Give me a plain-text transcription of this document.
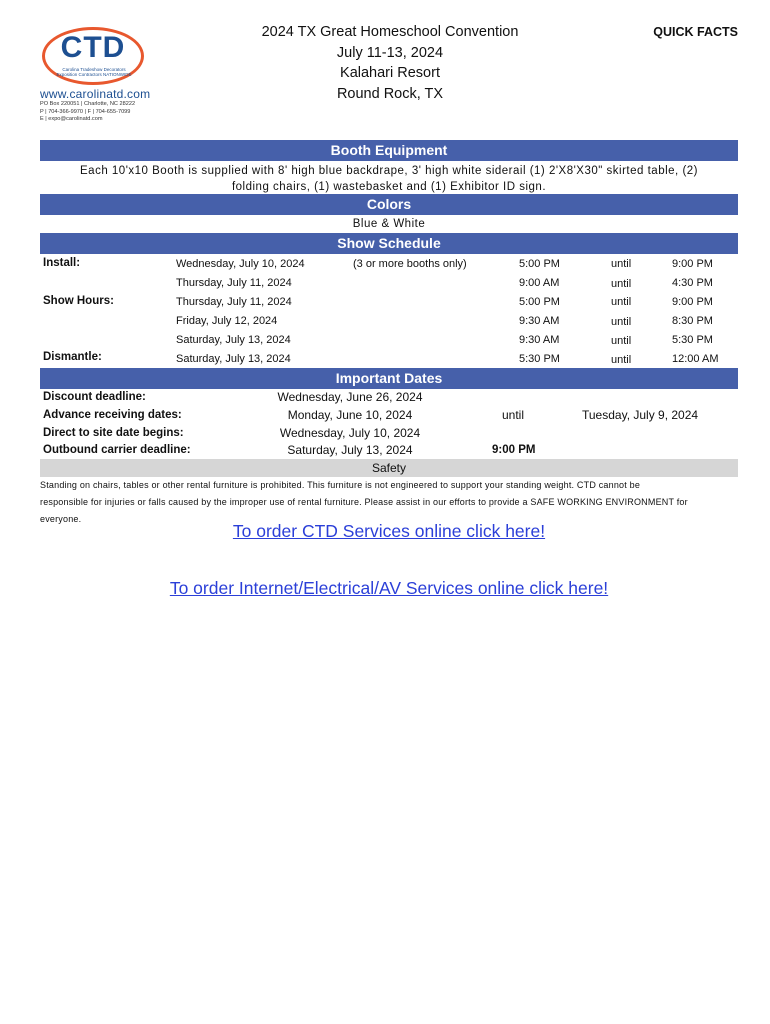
CTD
Carolina Tradeshow Decorators Exposition Contractors NATIONWIDE
www.carolinatd.com
PO Box 220051 | Charlotte, NC 28222
P | 704-366-9970 | F | 704-655-7099
E | expo@carolinatd.com
2024 TX Great Homeschool Convention
July 11-13, 2024
Kalahari Resort
Round Rock, TX
QUICK FACTS
Booth Equipment
Each 10'x10 Booth is supplied with 8' high blue backdrape, 3' high white siderail (1) 2'X8'X30" skirted table, (2)
folding chairs, (1) wastebasket and (1) Exhibitor ID sign.
Colors
Blue & White
Show Schedule
Install:	Wednesday, July 10, 2024	(3 or more booths only)	5:00 PM	until	9:00 PM
Thursday, July 11, 2024	9:00 AM	until	4:30 PM
Show Hours:	Thursday, July 11, 2024	5:00 PM	until	9:00 PM
Friday, July 12, 2024	9:30 AM	until	8:30 PM
Saturday, July 13, 2024	9:30 AM	until	5:30 PM
Dismantle:	Saturday, July 13, 2024	5:30 PM	until	12:00 AM
Important Dates
Discount deadline:	Wednesday, June 26, 2024
Advance receiving dates:	Monday, June 10, 2024	until	Tuesday, July 9, 2024
Direct to site date begins:	Wednesday, July 10, 2024
Outbound carrier deadline:	Saturday, July 13, 2024	9:00 PM
Safety
Standing on chairs, tables or other rental furniture is prohibited. This furniture is not engineered to support your standing weight. CTD cannot be
responsible for injuries or falls caused by the improper use of rental furniture. Please assist in our efforts to provide a SAFE WORKING ENVIRONMENT for
everyone.
To order CTD Services online click here!
To order Internet/Electrical/AV Services online click here!
